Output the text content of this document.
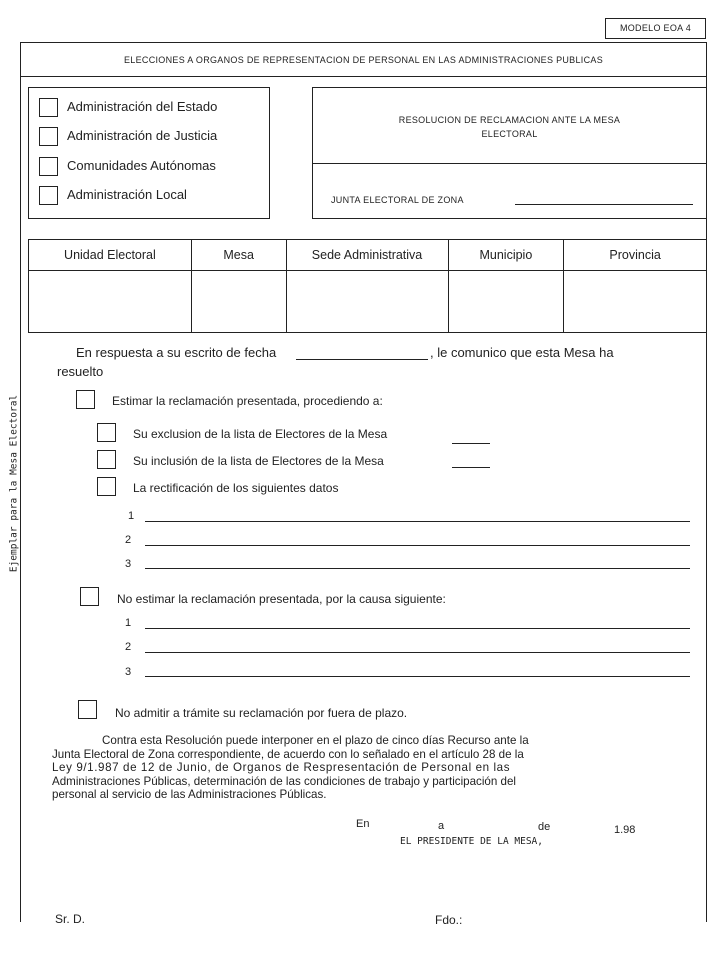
MODELO EOA 4
ELECCIONES A ORGANOS DE REPRESENTACION DE PERSONAL EN LAS ADMINISTRACIONES PUBLICAS
Ejemplar para la Mesa Electoral
Administración del Estado
Administración de Justicia
Comunidades Autónomas
Administración Local
RESOLUCION DE RECLAMACION ANTE LA MESA
ELECTORAL
JUNTA ELECTORAL DE ZONA
Unidad Electoral	Mesa	Sede Administrativa	Municipio	Provincia

En respuesta a su escrito de fecha	, le comunico que esta Mesa ha
resuelto
Estimar la reclamación presentada, procediendo a:
Su exclusion de la lista de Electores de la Mesa
Su inclusión de la lista de Electores de la Mesa
La rectificación de los siguientes datos
1
2
3
No estimar la reclamación presentada, por la causa siguiente:
1
2
3
No admitir a trámite su reclamación por fuera de plazo.
Contra esta Resolución puede interponer en el plazo de cinco días Recurso ante la
Junta Electoral de Zona correspondiente, de acuerdo con lo señalado en el artículo 28 de la
Ley 9/1.987 de 12 de Junio, de Organos de Respresentación de Personal en las
Administraciones Públicas, determinación de las condiciones de trabajo y participación del
personal al servicio de las Administraciones Públicas.
En	a	de	1.98
EL PRESIDENTE DE LA MESA,
Sr. D.	Fdo.:
